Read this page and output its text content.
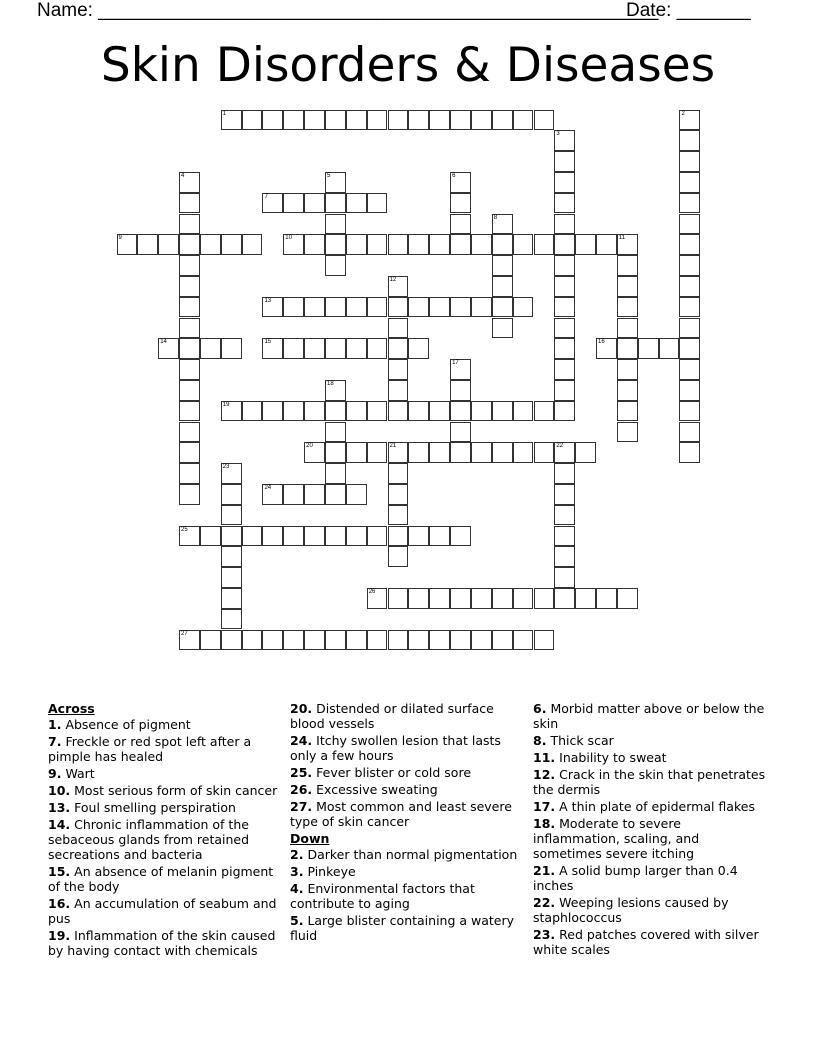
Name: _____________________________________________________
Date: _______
Skin Disorders & Diseases
1	2
3
4	5	6
7
8
9	10	11
12
13
14	15	16
17
18
19
20	21	22
23
24
25
26
27
Across
1. Absence of pigment
7. Freckle or red spot left after a pimple has healed
9. Wart
10. Most serious form of skin cancer
13. Foul smelling perspiration
14. Chronic inflammation of the sebaceous glands from retained secreations and bacteria
15. An absence of melanin pigment of the body
16. An accumulation of seabum and pus
19. Inflammation of the skin caused by having contact with chemicals
20. Distended or dilated surface blood vessels
24. Itchy swollen lesion that lasts only a few hours
25. Fever blister or cold sore
26. Excessive sweating
27. Most common and least severe type of skin cancer
Down
2. Darker than normal pigmentation
3. Pinkeye
4. Environmental factors that contribute to aging
5. Large blister containing a watery fluid
6. Morbid matter above or below the skin
8. Thick scar
11. Inability to sweat
12. Crack in the skin that penetrates the dermis
17. A thin plate of epidermal flakes
18. Moderate to severe inflammation, scaling, and sometimes severe itching
21. A solid bump larger than 0.4 inches
22. Weeping lesions caused by staphlococcus
23. Red patches covered with silver white scales
